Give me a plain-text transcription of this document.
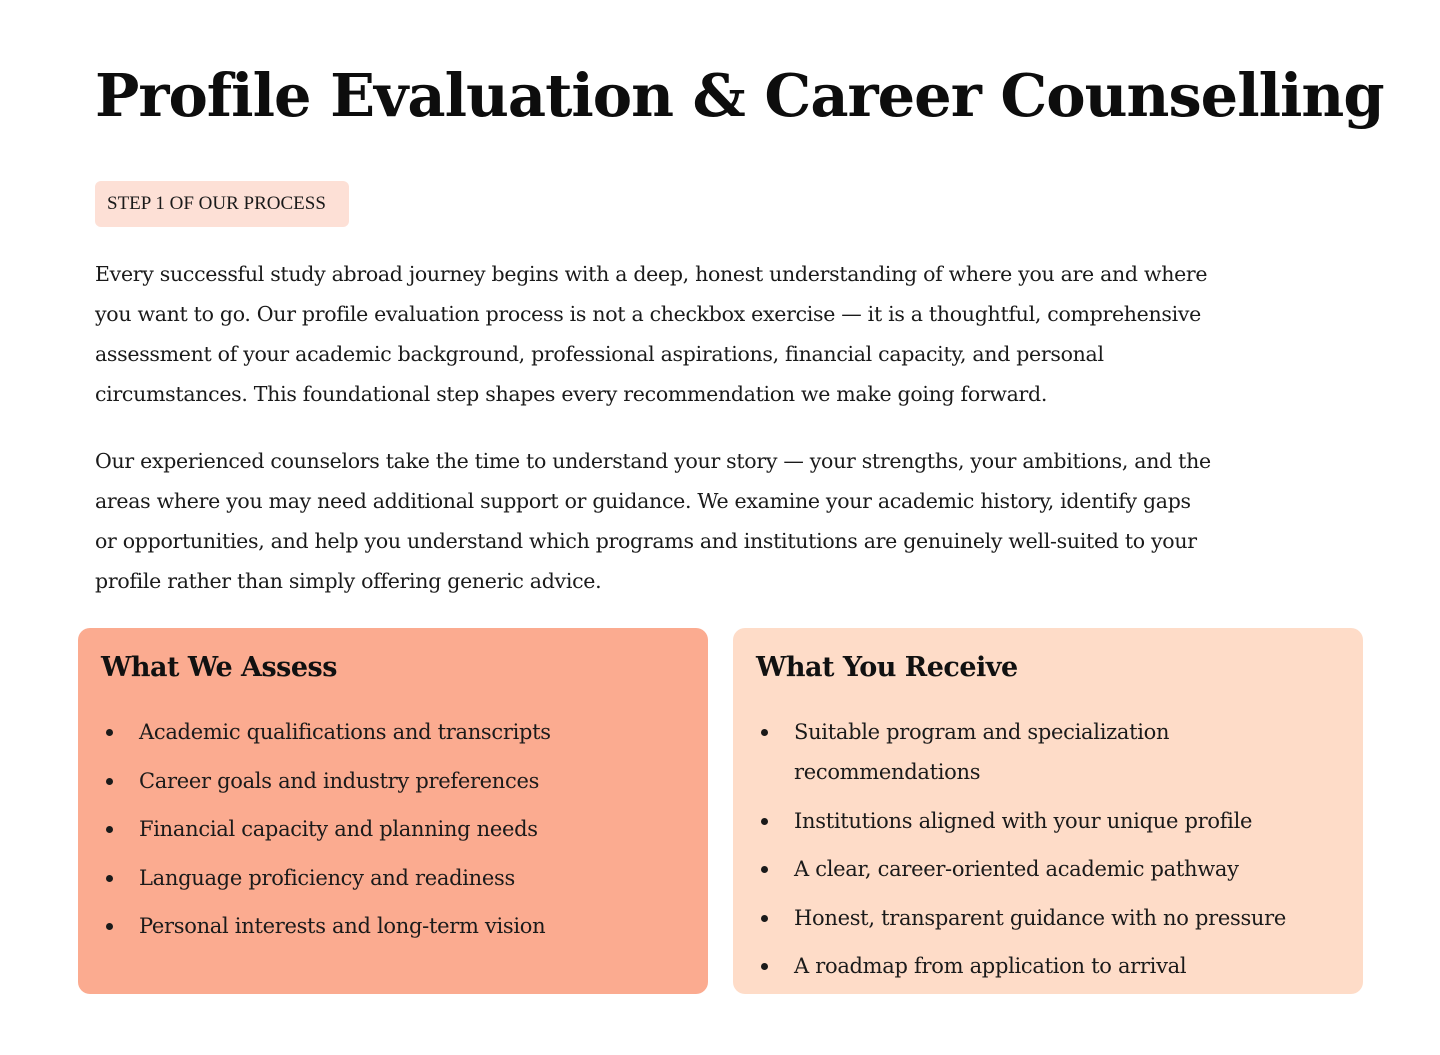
Profile Evaluation & Career Counselling
STEP 1 OF OUR PROCESS

Every successful study abroad journey begins with a deep, honest understanding of where you are and where
you want to go. Our profile evaluation process is not a checkbox exercise — it is a thoughtful, comprehensive
assessment of your academic background, professional aspirations, financial capacity, and personal
circumstances. This foundational step shapes every recommendation we make going forward.

Our experienced counselors take the time to understand your story — your strengths, your ambitions, and the
areas where you may need additional support or guidance. We examine your academic history, identify gaps
or opportunities, and help you understand which programs and institutions are genuinely well-suited to your
profile rather than simply offering generic advice.

What We Assess
Academic qualifications and transcripts
Career goals and industry preferences
Financial capacity and planning needs
Language proficiency and readiness
Personal interests and long-term vision
What You Receive
Suitable program and specialization
recommendations
Institutions aligned with your unique profile
A clear, career-oriented academic pathway
Honest, transparent guidance with no pressure
A roadmap from application to arrival
